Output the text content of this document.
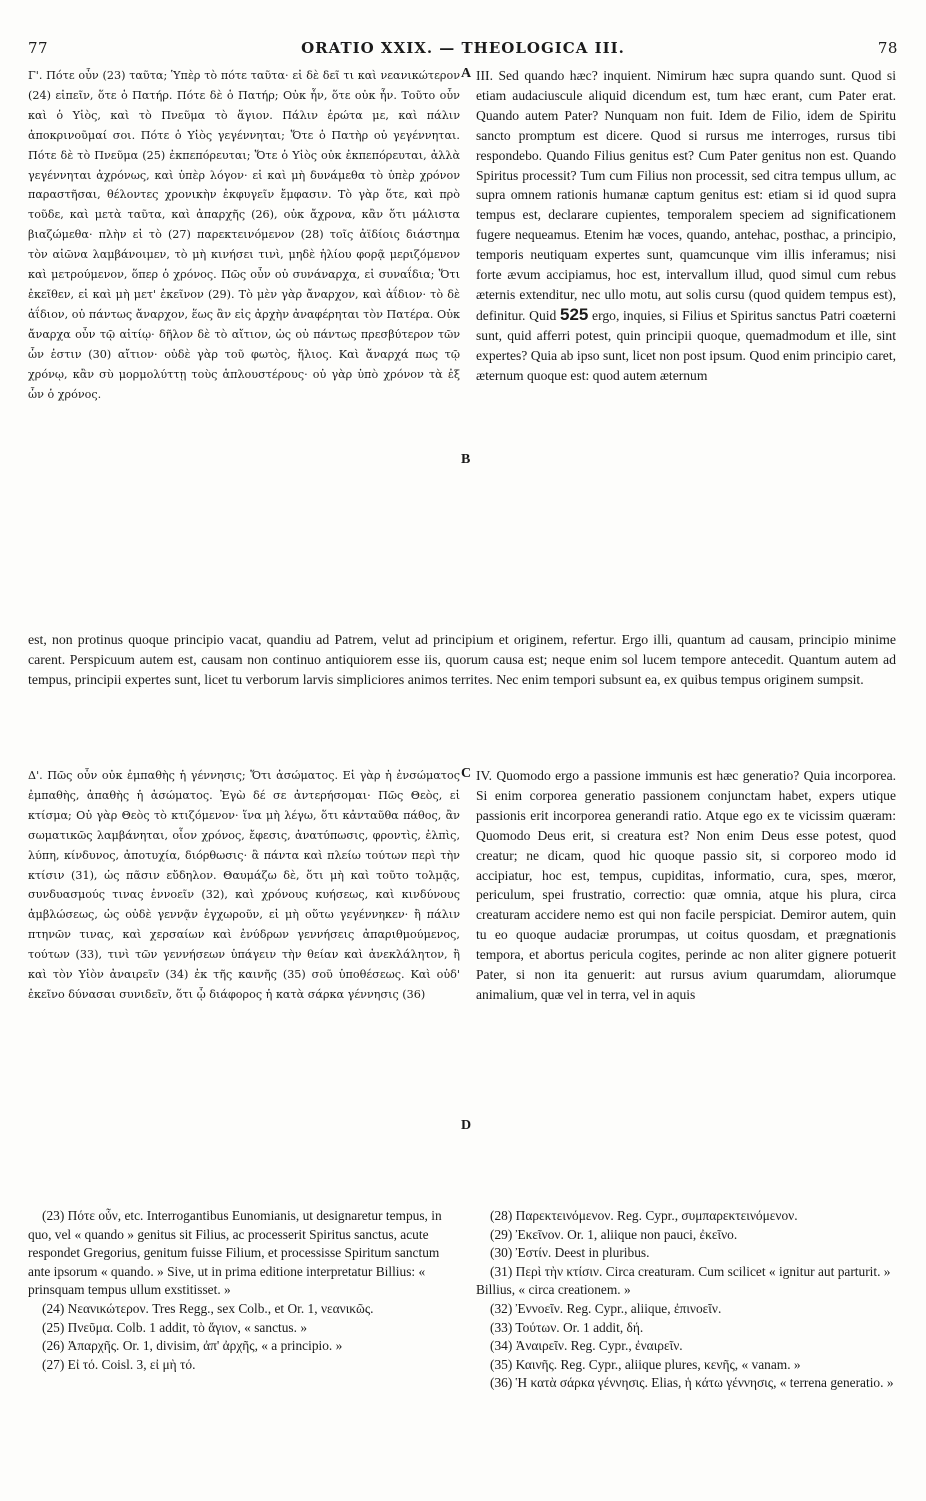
77	ORATIO XXIX. — THEOLOGICA III.	78

Γ'. Πότε οὖν (23) ταῦτα; Ὑπὲρ τὸ πότε ταῦτα· εἰ δὲ δεῖ τι καὶ νεανικώτερον (24) εἰπεῖν, ὅτε ὁ Πατήρ. Πότε δὲ ὁ Πατήρ; Οὐκ ἦν, ὅτε οὐκ ἦν. Τοῦτο οὖν καὶ ὁ Υἱὸς, καὶ τὸ Πνεῦμα τὸ ἅγιον. Πάλιν ἐρώτα με, καὶ πάλιν ἀποκρινοῦμαί σοι. Πότε ὁ Υἱὸς γεγέννηται; Ὅτε ὁ Πατὴρ οὐ γεγέννηται. Πότε δὲ τὸ Πνεῦμα (25) ἐκπεπόρευται; Ὅτε ὁ Υἱὸς οὐκ ἐκπεπόρευται, ἀλλὰ γεγέννηται ἀχρόνως, καὶ ὑπὲρ λόγον· εἰ καὶ μὴ δυνάμεθα τὸ ὑπὲρ χρόνον παραστῆσαι, θέλοντες χρονικὴν ἐκφυγεῖν ἔμφασιν. Τὸ γὰρ ὅτε, καὶ πρὸ τοῦδε, καὶ μετὰ ταῦτα, καὶ ἀπαρχῆς (26), οὐκ ἄχρονα, κἂν ὅτι μάλιστα βιαζώμεθα· πλὴν εἰ τὸ (27) παρεκτεινόμενον (28) τοῖς ἀϊδίοις διάστημα τὸν αἰῶνα λαμβάνοιμεν, τὸ μὴ κινήσει τινὶ, μηδὲ ἡλίου φορᾷ μεριζόμενον καὶ μετρούμενον, ὅπερ ὁ χρόνος. Πῶς οὖν οὐ συνάναρχα, εἰ συναΐδια; Ὅτι ἐκεῖθεν, εἰ καὶ μὴ μετ' ἐκεῖνον (29). Τὸ μὲν γὰρ ἄναρχον, καὶ ἀΐδιον· τὸ δὲ ἀΐδιον, οὐ πάντως ἄναρχον, ἕως ἂν εἰς ἀρχὴν ἀναφέρηται τὸν Πατέρα. Οὐκ ἄναρχα οὖν τῷ αἰτίῳ· δῆλον δὲ τὸ αἴτιον, ὡς οὐ πάντως πρεσβύτερον τῶν ὧν ἐστιν (30) αἴτιον· οὐδὲ γὰρ τοῦ φωτὸς, ἥλιος. Καὶ ἄναρχά πως τῷ χρόνῳ, κἂν σὺ μορμολύττῃ τοὺς ἁπλουστέρους· οὐ γὰρ ὑπὸ χρόνον τὰ ἐξ ὧν ὁ χρόνος.

A
B

III. Sed quando hæc? inquient. Nimirum hæc supra quando sunt. Quod si etiam audaciuscule aliquid dicendum est, tum hæc erant, cum Pater erat. Quando autem Pater? Nunquam non fuit. Idem de Filio, idem de Spiritu sancto promptum est dicere. Quod si rursus me interroges, rursus tibi respondebo. Quando Filius genitus est? Cum Pater genitus non est. Quando Spiritus processit? Tum cum Filius non processit, sed citra tempus ullum, ac supra omnem rationis humanæ captum genitus est: etiam si id quod supra tempus est, declarare cupientes, temporalem speciem ad significationem fugere nequeamus. Etenim hæ voces, quando, antehac, posthac, a principio, temporis neutiquam expertes sunt, quamcunque vim illis inferamus; nisi forte ævum accipiamus, hoc est, intervallum illud, quod simul cum rebus æternis extenditur, nec ullo motu, aut solis cursu (quod quidem tempus est), definitur. Quid 525 ergo, inquies, si Filius et Spiritus sanctus Patri coæterni sunt, quid afferri potest, quin principii quoque, quemadmodum et ille, sint expertes? Quia ab ipso sunt, licet non post ipsum. Quod enim principio caret, æternum quoque est: quod autem æternum

est, non protinus quoque principio vacat, quandiu ad Patrem, velut ad principium et originem, refertur. Ergo illi, quantum ad causam, principio minime carent. Perspicuum autem est, causam non continuo antiquiorem esse iis, quorum causa est; neque enim sol lucem tempore antecedit. Quantum autem ad tempus, principii expertes sunt, licet tu verborum larvis simpliciores animos territes. Nec enim tempori subsunt ea, ex quibus tempus originem sumpsit.

Δ'. Πῶς οὖν οὐκ ἐμπαθὴς ἡ γέννησις; Ὅτι ἀσώματος. Εἰ γὰρ ἡ ἐνσώματος ἐμπαθὴς, ἀπαθὴς ἡ ἀσώματος. Ἐγὼ δέ σε ἀντερήσομαι· Πῶς Θεὸς, εἰ κτίσμα; Οὐ γὰρ Θεὸς τὸ κτιζόμενον· ἵνα μὴ λέγω, ὅτι κἀνταῦθα πάθος, ἂν σωματικῶς λαμβάνηται, οἷον χρόνος, ἔφεσις, ἀνατύπωσις, φροντὶς, ἐλπὶς, λύπη, κίνδυνος, ἀποτυχία, διόρθωσις· ἃ πάντα καὶ πλείω τούτων περὶ τὴν κτίσιν (31), ὡς πᾶσιν εὔδηλον. Θαυμάζω δὲ, ὅτι μὴ καὶ τοῦτο τολμᾷς, συνδυασμούς τινας ἐννοεῖν (32), καὶ χρόνους κυήσεως, καὶ κινδύνους ἀμβλώσεως, ὡς οὐδὲ γεννᾷν ἐγχωροῦν, εἰ μὴ οὕτω γεγέννηκεν· ἢ πάλιν πτηνῶν τινας, καὶ χερσαίων καὶ ἐνύδρων γεννήσεις ἀπαριθμούμενος, τούτων (33), τινὶ τῶν γεννήσεων ὑπάγειν τὴν θείαν καὶ ἀνεκλάλητον, ἢ καὶ τὸν Υἱὸν ἀναιρεῖν (34) ἐκ τῆς καινῆς (35) σοῦ ὑποθέσεως. Καὶ οὐδ' ἐκεῖνο δύνασαι συνιδεῖν, ὅτι ᾧ διάφορος ἡ κατὰ σάρκα γέννησις (36)

C
D

IV. Quomodo ergo a passione immunis est hæc generatio? Quia incorporea. Si enim corporea generatio passionem conjunctam habet, expers utique passionis erit incorporea generandi ratio. Atque ego ex te vicissim quæram: Quomodo Deus erit, si creatura est? Non enim Deus esse potest, quod creatur; ne dicam, quod hic quoque passio sit, si corporeo modo id accipiatur, hoc est, tempus, cupiditas, informatio, cura, spes, mœror, periculum, spei frustratio, correctio: quæ omnia, atque his plura, circa creaturam accidere nemo est qui non facile perspiciat. Demiror autem, quin tu eo quoque audaciæ prorumpas, ut coitus quosdam, et prægnationis tempora, et abortus pericula cogites, perinde ac non aliter gignere potuerit Pater, si non ita genuerit: aut rursus avium quarumdam, aliorumque animalium, quæ vel in terra, vel in aquis

(23) Πότε οὖν, etc. Interrogantibus Eunomianis, ut designaretur tempus, in quo, vel « quando » genitus sit Filius, ac processerit Spiritus sanctus, acute respondet Gregorius, genitum fuisse Filium, et processisse Spiritum sanctum ante ipsorum « quando. » Sive, ut in prima editione interpretatur Billius: « prinsquam tempus ullum exstitisset. »

(24) Νεανικώτερον. Tres Regg., sex Colb., et Or. 1, νεανικῶς.

(25) Πνεῦμα. Colb. 1 addit, τὸ ἅγιον, « sanctus. »

(26) Ἀπαρχῆς. Or. 1, divisim, ἀπ' ἀρχῆς, « a principio. »

(27) Εἰ τό. Coisl. 3, εἰ μὴ τό.

(28) Παρεκτεινόμενον. Reg. Cypr., συμπαρεκτεινόμενον.

(29) Ἐκεῖνον. Or. 1, aliique non pauci, ἐκεῖνο.

(30) Ἐστίν. Deest in pluribus.

(31) Περὶ τὴν κτίσιν. Circa creaturam. Cum scilicet « ignitur aut parturit. » Billius, « circa creationem. »

(32) Ἐννοεῖν. Reg. Cypr., aliique, ἐπινοεῖν.

(33) Τούτων. Or. 1 addit, δή.

(34) Ἀναιρεῖν. Reg. Cypr., ἐναιρεῖν.

(35) Καινῆς. Reg. Cypr., aliique plures, κενῆς, « vanam. »

(36) Ἡ κατὰ σάρκα γέννησις. Elias, ἡ κάτω γέννησις, « terrena generatio. »
